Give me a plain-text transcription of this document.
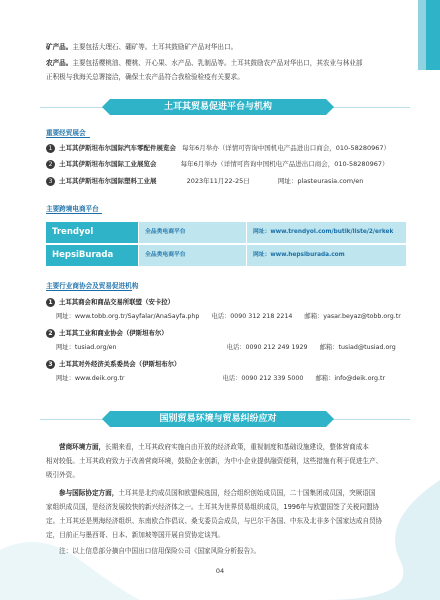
矿产品。主要包括大理石、硼矿等。土耳其鼓励矿产品对华出口。
农产品。主要包括樱桃油、樱桃、开心果、水产品、乳制品等。土耳其鼓励农产品对华出口，其农业与林业部
正积极与我海关总署接洽，确保土农产品符合我检验检疫有关要求。
土耳其贸易促进平台与机构
重要经贸展会
1 土耳其伊斯坦布尔国际汽车零配件展览会 每年6月举办（详情可咨询中国机电产品进出口商会，010-58280967）
2 土耳其伊斯坦布尔国际工业展览会	每年6月举办（详情可咨询中国机电产品进出口商会，010-58280967）
3 土耳其伊斯坦布尔国际塑料工业展	2023年11月22-25日	网址：plasteurasia.com/en
主要跨境电商平台
Trendyol	全品类电商平台	网址：www.trendyol.com/butik/liste/2/erkek
HepsiBurada	全品类电商平台	网址：www.hepsiburada.com
主要行业商协会及贸易促进机构
1 土耳其商会和商品交易所联盟（安卡拉）
网址：www.tobb.org.tr/Sayfalar/AnaSayfa.php 电话：0090 312 218 2214 邮箱：yasar.beyaz@tobb.org.tr
2 土耳其工业和商业协会（伊斯坦布尔）
网址：tusiad.org/en	电话：0090 212 249 1929 邮箱：tusiad@tusiad.org
3 土耳其对外经济关系委员会（伊斯坦布尔）
网址：www.deik.org.tr	电话：0090 212 339 5000 邮箱：info@deik.org.tr
国别贸易环境与贸易纠纷应对
营商环境方面，长期来看，土耳其政府实施自由开放的经济政策，重视制度和基础设施建设，整体营商成本
相对较低。土耳其政府致力于改善营商环境，鼓励企业创新，为中小企业提供融资便利，这些措施有利于促进生产、
吸引外资。
参与国际协定方面，土耳其是北约成员国和欧盟候选国，经合组织创始成员国，二十国集团成员国，突厥语国
家组织成员国，是经济发展较快的新兴经济体之一。土耳其为世界贸易组织成员，1996年与欧盟国签了关税同盟协
定。土耳其还是黑海经济组织、东南欧合作倡议、桑戈委员会成员，与巴尔干各国、中东及北非多个国家达成自贸协
定，目前正与墨西哥、日本、新加坡等国开展自贸协定谈判。
注：以上信息部分摘自中国出口信用保险公司《国家风险分析报告》。
04
